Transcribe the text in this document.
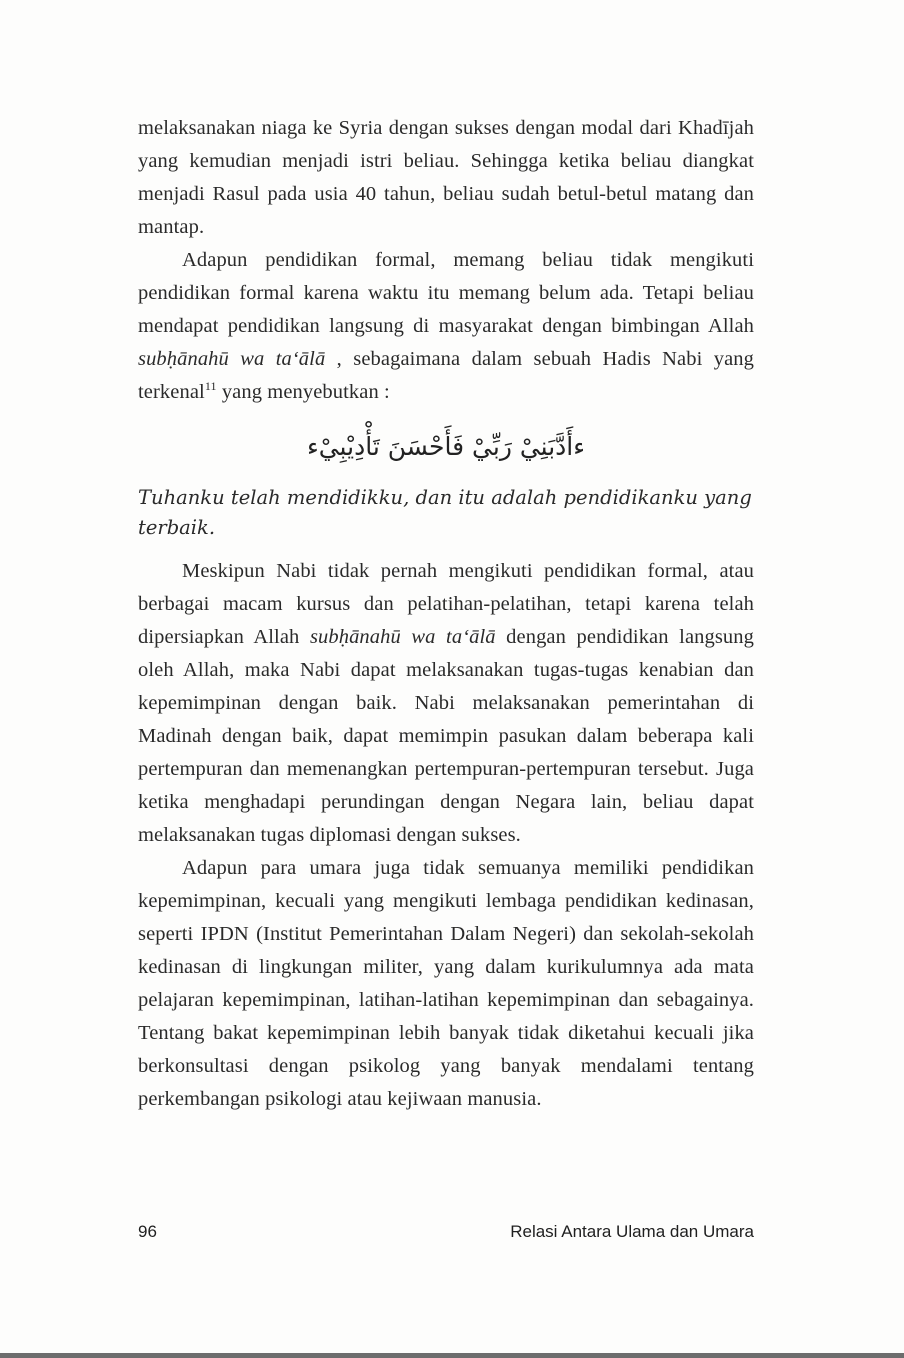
melaksanakan niaga ke Syria dengan sukses dengan modal dari Khadījah yang kemudian menjadi istri beliau. Sehingga ketika beliau diangkat menjadi Rasul pada usia 40 tahun, beliau sudah betul-betul matang dan mantap.

Adapun pendidikan formal, memang beliau tidak mengikuti pendidikan formal karena waktu itu memang belum ada. Tetapi beliau mendapat pendidikan langsung di masyarakat dengan bimbingan Allah subḥānahū wa taʻālā , sebagaimana dalam sebuah Hadis Nabi yang terkenal$^{11}$ yang menyebutkan :

ءأَدَّبَنِيْ رَبِّيْ فَأَحْسَنَ تَأْدِيْبِيْء
Tuhanku telah mendidikku, dan itu adalah pendidikanku yang terbaik.

Meskipun Nabi tidak pernah mengikuti pendidikan formal, atau berbagai macam kursus dan pelatihan-pelatihan, tetapi karena telah dipersiapkan Allah subḥānahū wa taʻālā dengan pendidikan langsung oleh Allah, maka Nabi dapat melaksanakan tugas-tugas kenabian dan kepemimpinan dengan baik. Nabi melaksanakan pemerintahan di Madinah dengan baik, dapat memimpin pasukan dalam beberapa kali pertempuran dan memenangkan pertempuran-pertempuran tersebut. Juga ketika menghadapi perundingan dengan Negara lain, beliau dapat melaksanakan tugas diplomasi dengan sukses.

Adapun para umara juga tidak semuanya memiliki pendidikan kepemimpinan, kecuali yang mengikuti lembaga pendidikan kedinasan, seperti IPDN (Institut Pemerintahan Dalam Negeri) dan sekolah-sekolah kedinasan di lingkungan militer, yang dalam kurikulumnya ada mata pelajaran kepemimpinan, latihan-latihan kepemimpinan dan sebagainya. Tentang bakat kepemimpinan lebih banyak tidak diketahui kecuali jika berkonsultasi dengan psikolog yang banyak mendalami tentang perkembangan psikologi atau kejiwaan manusia.

96	Relasi Antara Ulama dan Umara
